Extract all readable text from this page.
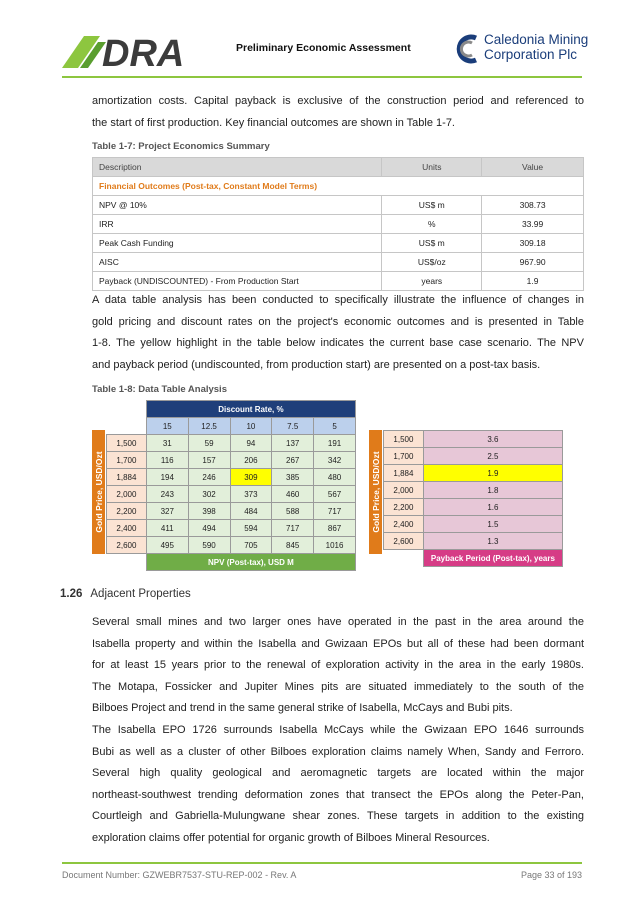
DRA	Preliminary Economic Assessment
Caledonia Mining
Corporation Plc
amortization costs. Capital payback is exclusive of the construction period and referenced to
the start of first production. Key financial outcomes are shown in Table 1-7.
Table 1-7: Project Economics Summary
Description	Units	Value
Financial Outcomes (Post-tax, Constant Model Terms)		
NPV @ 10%	US$ m	308.73
IRR	%	33.99
Peak Cash Funding	US$ m	309.18
AISC	US$/oz	967.90
Payback (UNDISCOUNTED) - From Production Start	years	1.9
A data table analysis has been conducted to specifically illustrate the influence of changes in
gold pricing and discount rates on the project's economic outcomes and is presented in Table
1-8. The yellow highlight in the table below indicates the current base case scenario. The NPV
and payback period (undiscounted, from production start) are presented on a post-tax basis.
Table 1-8: Data Table Analysis
Gold Price, USD/Ozt
	Discount Rate, %				
	15	12.5	10	7.5	5
1,500	31	59	94	137	191
1,700	116	157	206	267	342
1,884	194	246	309	385	480
2,000	243	302	373	460	567
2,200	327	398	484	588	717
2,400	411	494	594	717	867
2,600	495	590	705	845	1016
	NPV (Post-tax), USD M				
Gold Price, USD/Ozt
1,500	3.6
1,700	2.5
1,884	1.9
2,000	1.8
2,200	1.6
2,400	1.5
2,600	1.3
	Payback Period (Post-tax), years
1.26 Adjacent Properties
Several small mines and two larger ones have operated in the past in the area around the
Isabella property and within the Isabella and Gwizaan EPOs but all of these had been dormant
for at least 15 years prior to the renewal of exploration activity in the area in the early 1980s.
The Motapa, Fossicker and Jupiter Mines pits are situated immediately to the south of the
Bilboes Project and trend in the same general strike of Isabella, McCays and Bubi pits.
The Isabella EPO 1726 surrounds Isabella McCays while the Gwizaan EPO 1646 surrounds
Bubi as well as a cluster of other Bilboes exploration claims namely When, Sandy and Ferroro.
Several high quality geological and aeromagnetic targets are located within the major
northeast-southwest trending deformation zones that transect the EPOs along the Peter-Pan,
Courtleigh and Gabriella-Mulungwane shear zones. These targets in addition to the existing
exploration claims offer potential for organic growth of Bilboes Mineral Resources.
Document Number: GZWEBR7537-STU-REP-002 - Rev. A	Page 33 of 193
